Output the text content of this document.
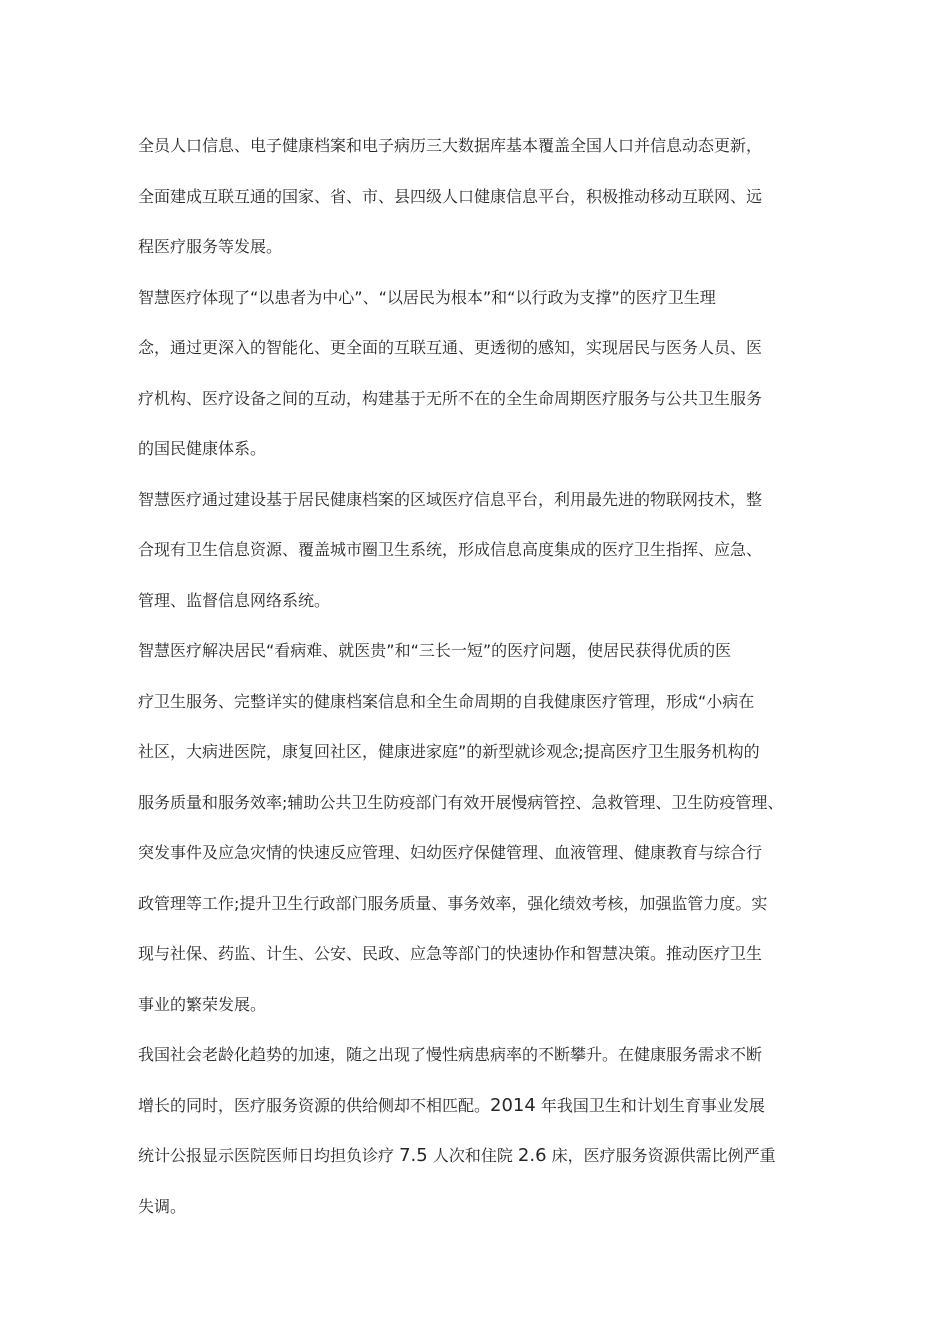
全员人口信息、电子健康档案和电子病历三大数据库基本覆盖全国人口并信息动态更新，
全面建成互联互通的国家、省、市、县四级人口健康信息平台，积极推动移动互联网、远
程医疗服务等发展。
智慧医疗体现了“以患者为中心”、“以居民为根本”和“以行政为支撑”的医疗卫生理
念，通过更深入的智能化、更全面的互联互通、更透彻的感知，实现居民与医务人员、医
疗机构、医疗设备之间的互动，构建基于无所不在的全生命周期医疗服务与公共卫生服务
的国民健康体系。
智慧医疗通过建设基于居民健康档案的区域医疗信息平台，利用最先进的物联网技术，整
合现有卫生信息资源、覆盖城市圈卫生系统，形成信息高度集成的医疗卫生指挥、应急、
管理、监督信息网络系统。
智慧医疗解决居民“看病难、就医贵”和“三长一短”的医疗问题，使居民获得优质的医
疗卫生服务、完整详实的健康档案信息和全生命周期的自我健康医疗管理，形成“小病在
社区，大病进医院，康复回社区，健康进家庭”的新型就诊观念;提高医疗卫生服务机构的
服务质量和服务效率;辅助公共卫生防疫部门有效开展慢病管控、急救管理、卫生防疫管理、
突发事件及应急灾情的快速反应管理、妇幼医疗保健管理、血液管理、健康教育与综合行
政管理等工作;提升卫生行政部门服务质量、事务效率，强化绩效考核，加强监管力度。实
现与社保、药监、计生、公安、民政、应急等部门的快速协作和智慧决策。推动医疗卫生
事业的繁荣发展。
我国社会老龄化趋势的加速，随之出现了慢性病患病率的不断攀升。在健康服务需求不断
增长的同时，医疗服务资源的供给侧却不相匹配。2014 年我国卫生和计划生育事业发展
统计公报显示医院医师日均担负诊疗 7.5 人次和住院 2.6 床，医疗服务资源供需比例严重
失调。
